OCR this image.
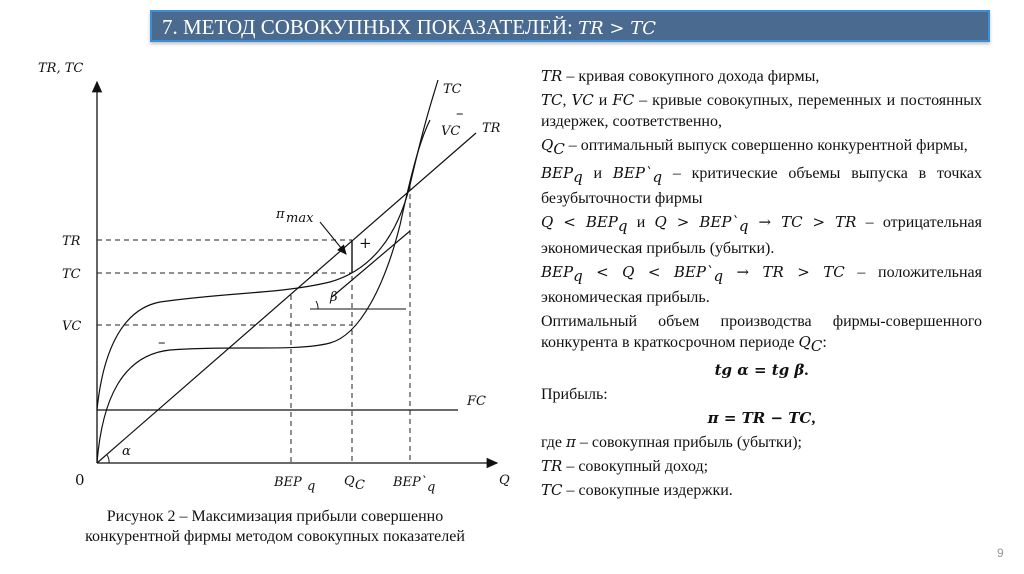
7. МЕТОД СОВОКУПНЫХ ПОКАЗАТЕЛЕЙ: TR > TC
TR, TC
Q
0
TR
TC
VC
BEP q Q C BEP` q
TC
–
VC TR
FC
π max
+
–
β
α
Рисунок 2 – Максимизация прибыли совершенно
конкурентной фирмы методом совокупных показателей

TR – кривая совокупного дохода фирмы,

TC, VC и FC – кривые совокупных, переменных и постоянных издержек, соответственно,

$Q_C$ – оптимальный выпуск совершенно конкурентной фирмы,

$BEP_q$ и $BEP`_q$ – критические объемы выпуска в точках безубыточности фирмы

$Q < BEP_q$ и $Q > BEP`_q$ → TC > TR – отрицательная экономическая прибыль (убытки).

$BEP_q < Q$ < $BEP`_q$ → TR > TC – положительная экономическая прибыль.

Оптимальный объем производства фирмы-совершенного конкурента в краткосрочном периоде $Q_C$:

tg α = tg β.

Прибыль:

π = TR − TC,

где π – совокупная прибыль (убытки);

TR – совокупный доход;

TC – совокупные издержки.

9
